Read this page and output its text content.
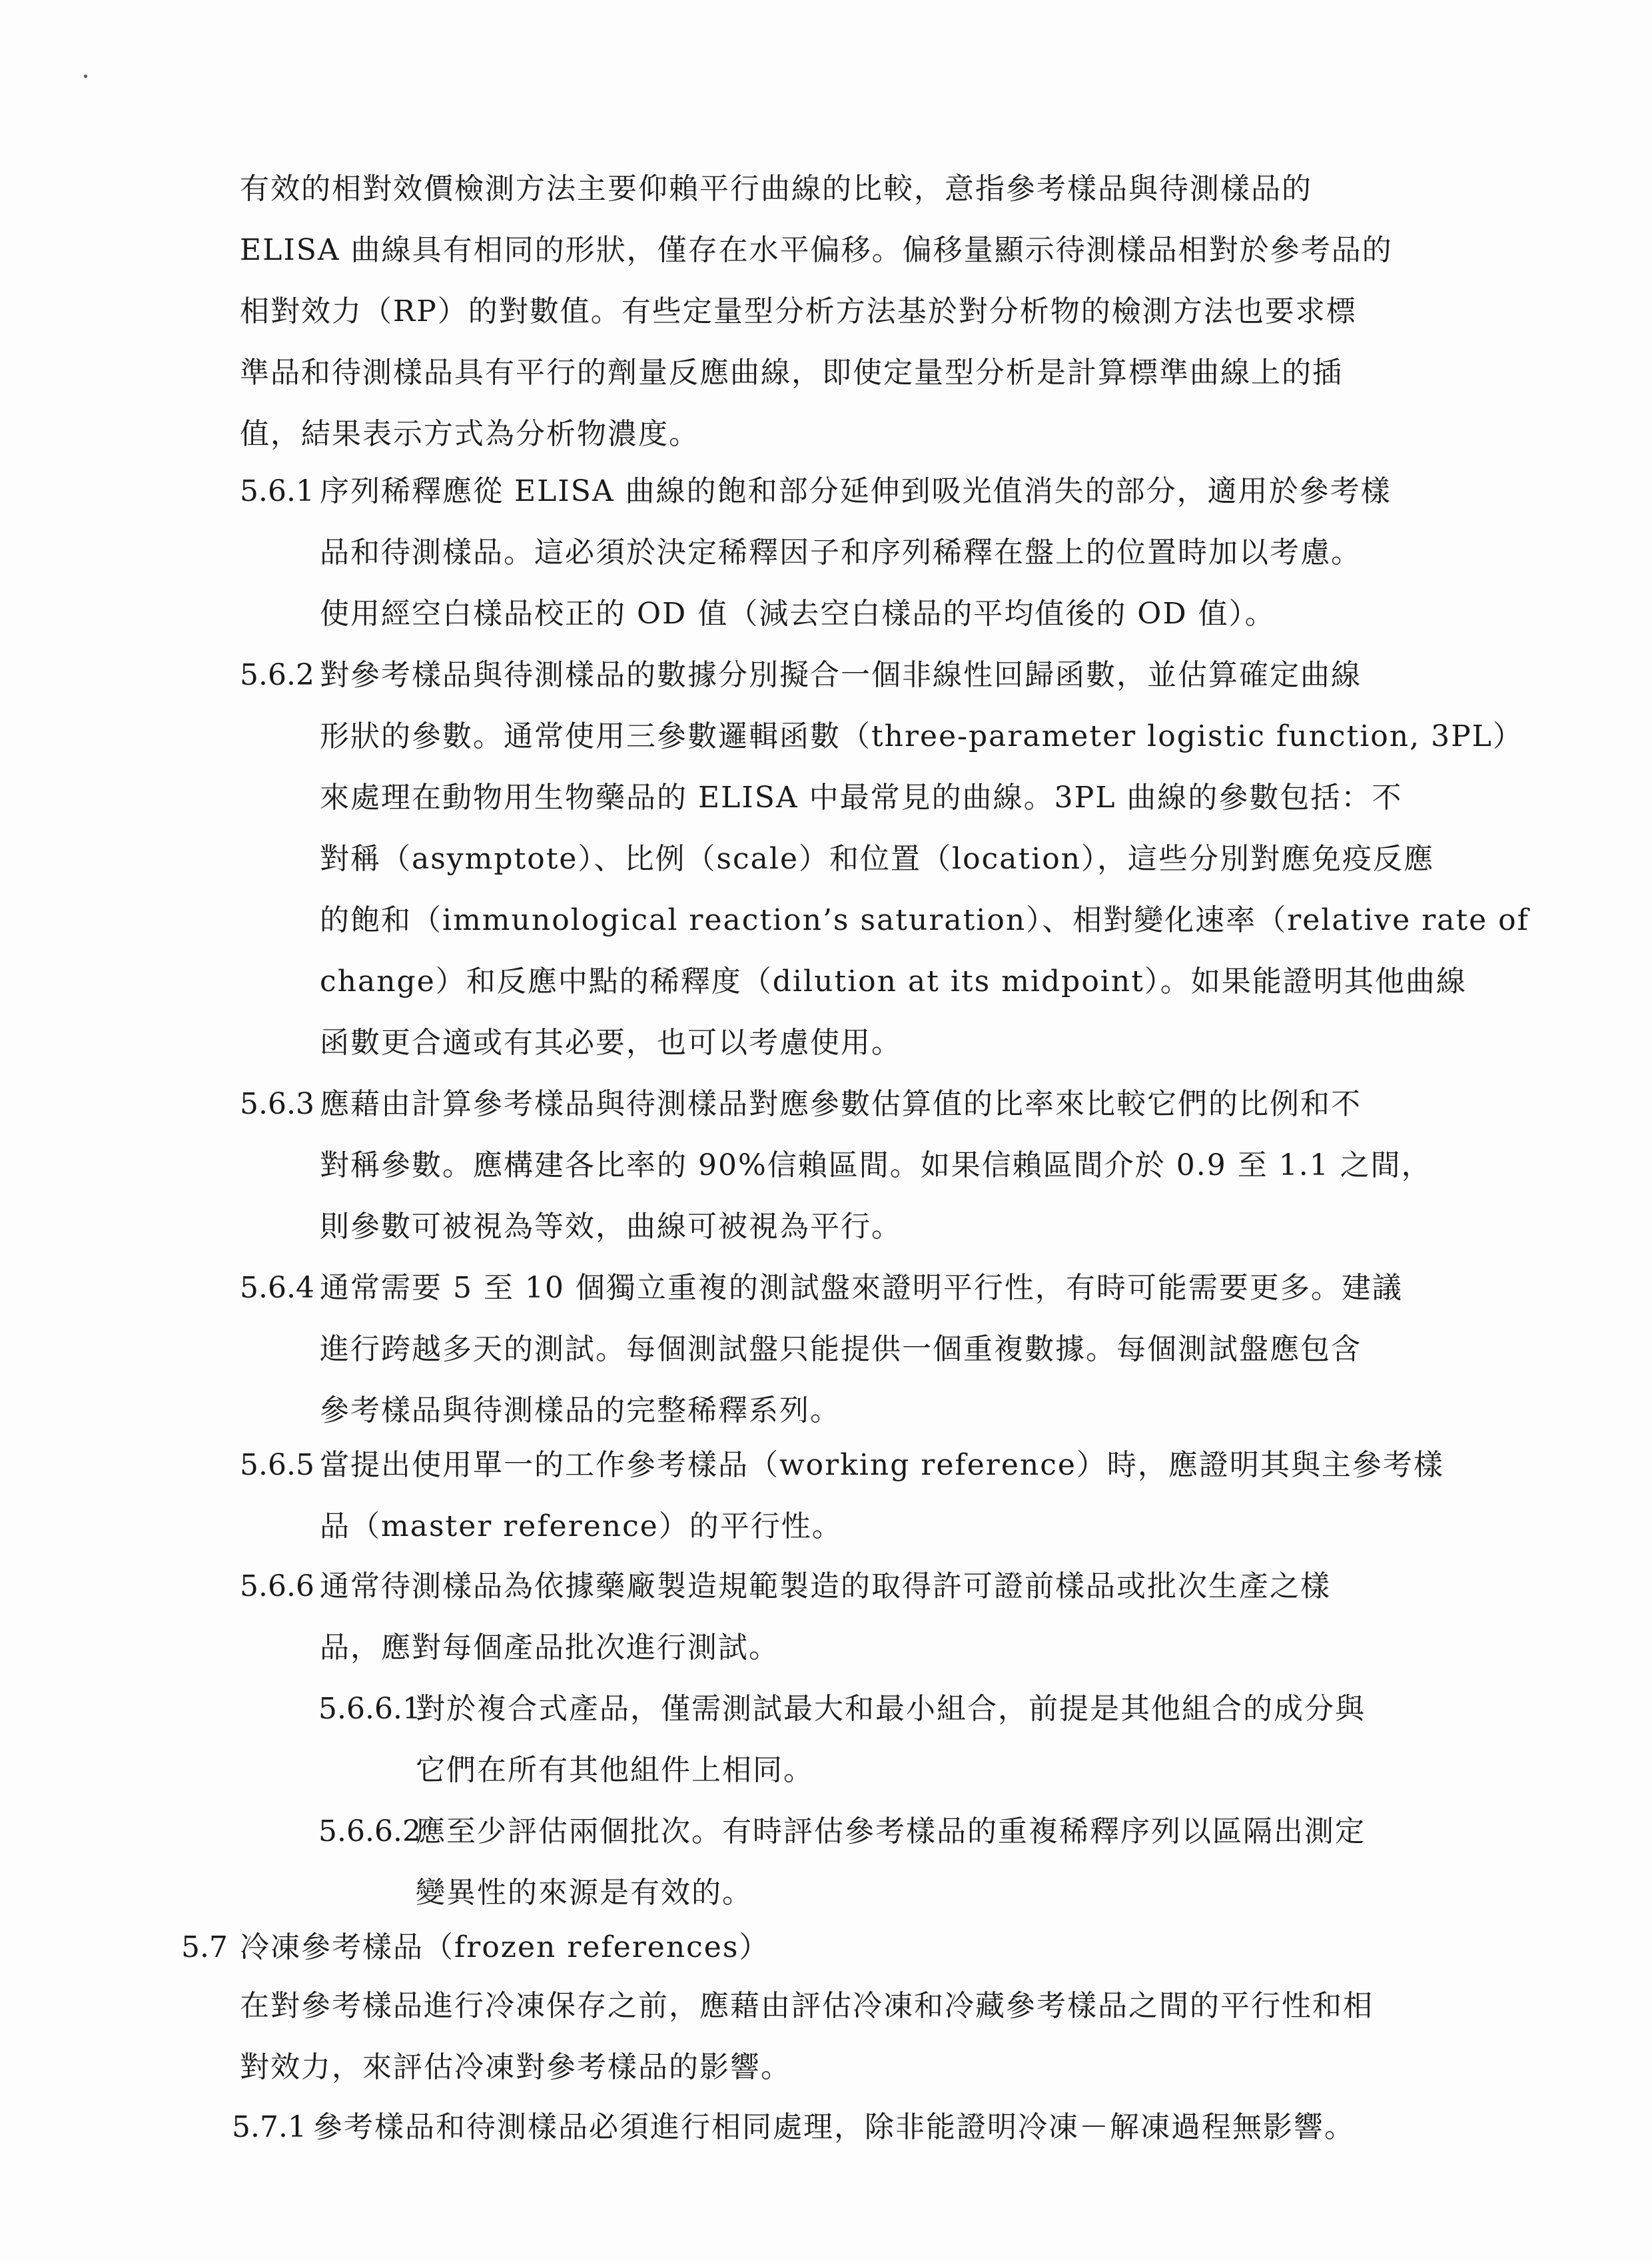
有效的相對效價檢測方法主要仰賴平行曲線的比較，意指參考樣品與待測樣品的
ELISA 曲線具有相同的形狀，僅存在水平偏移。偏移量顯示待測樣品相對於參考品的
相對效力（RP）的對數值。有些定量型分析方法基於對分析物的檢測方法也要求標
準品和待測樣品具有平行的劑量反應曲線，即使定量型分析是計算標準曲線上的插
值，結果表示方式為分析物濃度。
5.6.1 序列稀釋應從 ELISA 曲線的飽和部分延伸到吸光值消失的部分，適用於參考樣
品和待測樣品。這必須於決定稀釋因子和序列稀釋在盤上的位置時加以考慮。
使用經空白樣品校正的 OD 值（減去空白樣品的平均值後的 OD 值）。
5.6.2 對參考樣品與待測樣品的數據分別擬合一個非線性回歸函數，並估算確定曲線
形狀的參數。通常使用三參數邏輯函數（three-parameter logistic function, 3PL）
來處理在動物用生物藥品的 ELISA 中最常見的曲線。3PL 曲線的參數包括：不
對稱（asymptote）、比例（scale）和位置（location），這些分別對應免疫反應
的飽和（immunological reaction’s saturation）、相對變化速率（relative rate of
change）和反應中點的稀釋度（dilution at its midpoint）。如果能證明其他曲線
函數更合適或有其必要，也可以考慮使用。
5.6.3 應藉由計算參考樣品與待測樣品對應參數估算值的比率來比較它們的比例和不
對稱參數。應構建各比率的 90%信賴區間。如果信賴區間介於 0.9 至 1.1 之間，
則參數可被視為等效，曲線可被視為平行。
5.6.4 通常需要 5 至 10 個獨立重複的測試盤來證明平行性，有時可能需要更多。建議
進行跨越多天的測試。每個測試盤只能提供一個重複數據。每個測試盤應包含
參考樣品與待測樣品的完整稀釋系列。
5.6.5 當提出使用單一的工作參考樣品（working reference）時，應證明其與主參考樣
品（master reference）的平行性。
5.6.6 通常待測樣品為依據藥廠製造規範製造的取得許可證前樣品或批次生產之樣
品，應對每個產品批次進行測試。
5.6.6.1
對於複合式產品，僅需測試最大和最小組合，前提是其他組合的成分與
它們在所有其他組件上相同。
5.6.6.2
應至少評估兩個批次。有時評估參考樣品的重複稀釋序列以區隔出測定
變異性的來源是有效的。
5.7 冷凍參考樣品（frozen references）
在對參考樣品進行冷凍保存之前，應藉由評估冷凍和冷藏參考樣品之間的平行性和相
對效力，來評估冷凍對參考樣品的影響。
5.7.1 參考樣品和待測樣品必須進行相同處理，除非能證明冷凍－解凍過程無影響。
